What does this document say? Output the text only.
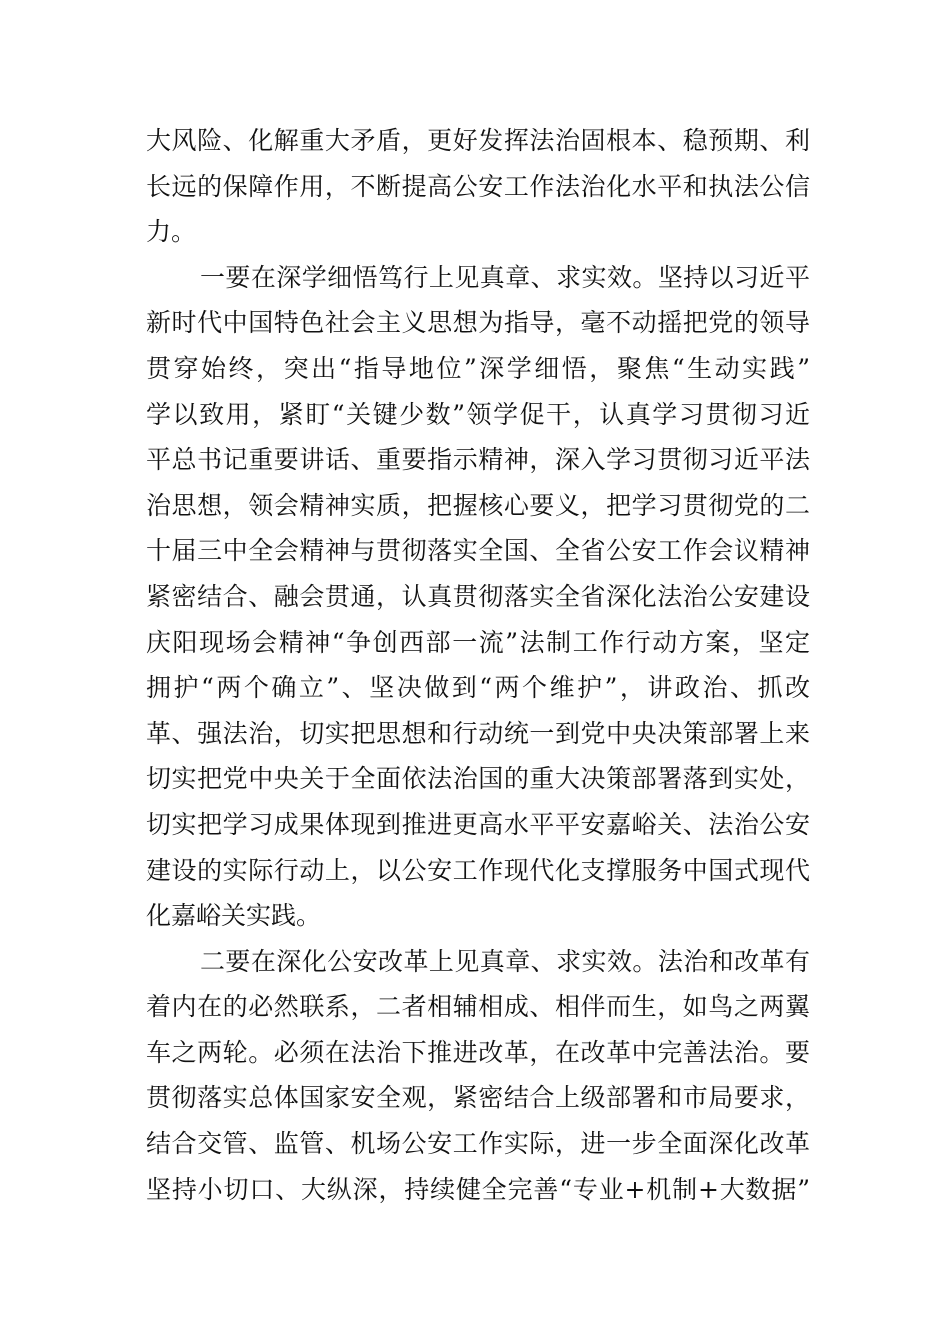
大风险、化解重大矛盾，更好发挥法治固根本、稳预期、利
长远的保障作用，不断提高公安工作法治化水平和执法公信
力。
一要在深学细悟笃行上见真章、求实效。坚持以习近平
新时代中国特色社会主义思想为指导，毫不动摇把党的领导
贯穿始终，突出“指导地位”深学细悟，聚焦“生动实践”
学以致用，紧盯“关键少数”领学促干，认真学习贯彻习近
平总书记重要讲话、重要指示精神，深入学习贯彻习近平法
治思想，领会精神实质，把握核心要义，把学习贯彻党的二
十届三中全会精神与贯彻落实全国、全省公安工作会议精神
紧密结合、融会贯通，认真贯彻落实全省深化法治公安建设
庆阳现场会精神“争创西部一流”法制工作行动方案，坚定
拥护“两个确立”、坚决做到“两个维护”，讲政治、抓改
革、强法治，切实把思想和行动统一到党中央决策部署上来
切实把党中央关于全面依法治国的重大决策部署落到实处，
切实把学习成果体现到推进更高水平平安嘉峪关、法治公安
建设的实际行动上，以公安工作现代化支撑服务中国式现代
化嘉峪关实践。
二要在深化公安改革上见真章、求实效。法治和改革有
着内在的必然联系，二者相辅相成、相伴而生，如鸟之两翼
车之两轮。必须在法治下推进改革，在改革中完善法治。要
贯彻落实总体国家安全观，紧密结合上级部署和市局要求，
结合交管、监管、机场公安工作实际，进一步全面深化改革
坚持小切口、大纵深，持续健全完善“专业+机制+大数据”
